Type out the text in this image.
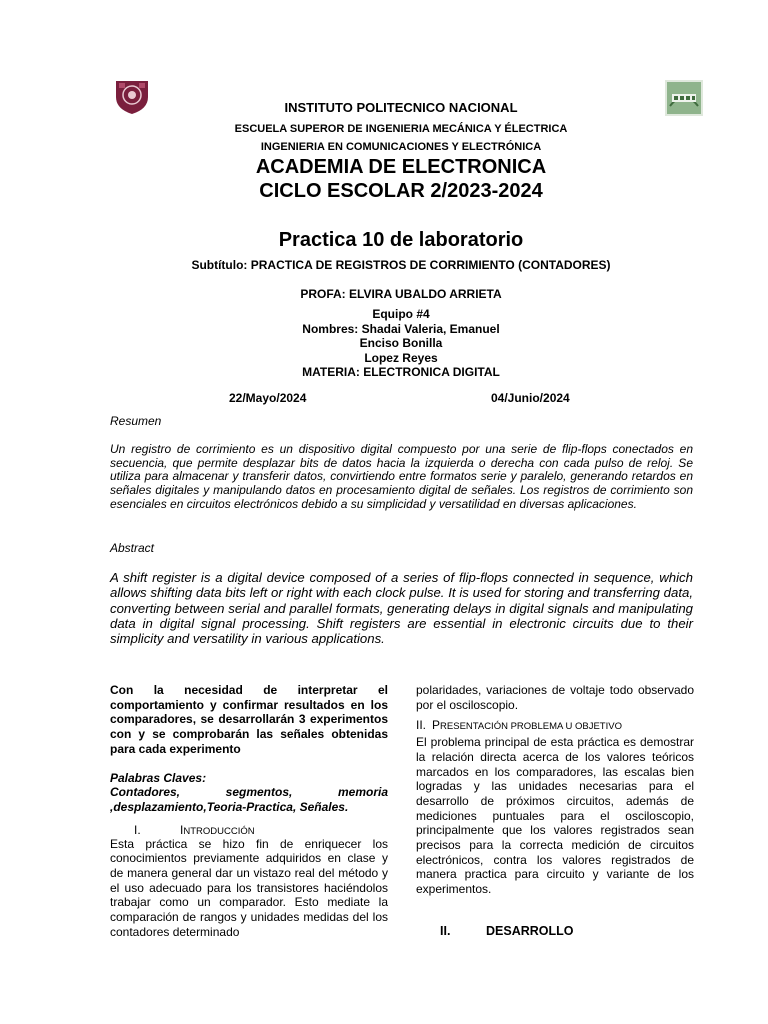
INSTITUTO POLITECNICO NACIONAL
ESCUELA SUPEROR DE INGENIERIA MECÁNICA Y ÉLECTRICA
INGENIERIA EN COMUNICACIONES Y ELECTRÓNICA
ACADEMIA DE ELECTRONICA
CICLO ESCOLAR 2/2023-2024
Practica 10 de laboratorio
Subtítulo: PRACTICA DE REGISTROS DE CORRIMIENTO (CONTADORES)
PROFA: ELVIRA UBALDO ARRIETA
Equipo #4
Nombres: Shadai Valeria, Emanuel
Enciso Bonilla
Lopez Reyes
MATERIA: ELECTRONICA DIGITAL
22/Mayo/2024	04/Junio/2024
Resumen
Un registro de corrimiento es un dispositivo digital compuesto por una serie de flip-flops conectados en secuencia, que permite desplazar bits de datos hacia la izquierda o derecha con cada pulso de reloj. Se utiliza para almacenar y transferir datos, convirtiendo entre formatos serie y paralelo, generando retardos en señales digitales y manipulando datos en procesamiento digital de señales. Los registros de corrimiento son esenciales en circuitos electrónicos debido a su simplicidad y versatilidad en diversas aplicaciones.
Abstract
A shift register is a digital device composed of a series of flip-flops connected in sequence, which allows shifting data bits left or right with each clock pulse. It is used for storing and transferring data, converting between serial and parallel formats, generating delays in digital signals and manipulating data in digital signal processing. Shift registers are essential in electronic circuits due to their simplicity and versatility in various applications.

Con la necesidad de interpretar el comportamiento y confirmar resultados en los comparadores, se desarrollarán 3 experimentos con y se comprobarán las señales obtenidas para cada experimento

Palabras Claves:

Contadores, segmentos, memoria ,desplazamiento,Teoria-Practica, Señales.

I.	INTRODUCCIÓN

Esta práctica se hizo fin de enriquecer los conocimientos previamente adquiridos en clase y de manera general dar un vistazo real del método y el uso adecuado para los transistores haciéndolos trabajar como un comparador. Esto mediate la comparación de rangos y unidades medidas del los contadores determinado

polaridades, variaciones de voltaje todo observado por el osciloscopio.

II. PRESENTACIÓN PROBLEMA U OBJETIVO

El problema principal de esta práctica es demostrar la relación directa acerca de los valores teóricos marcados en los comparadores, las escalas bien logradas y las unidades necesarias para el desarrollo de próximos circuitos, además de mediciones puntuales para el osciloscopio, principalmente que los valores registrados sean precisos para la correcta medición de circuitos electrónicos, contra los valores registrados de manera practica para circuito y variante de los experimentos.

II.	DESARROLLO
